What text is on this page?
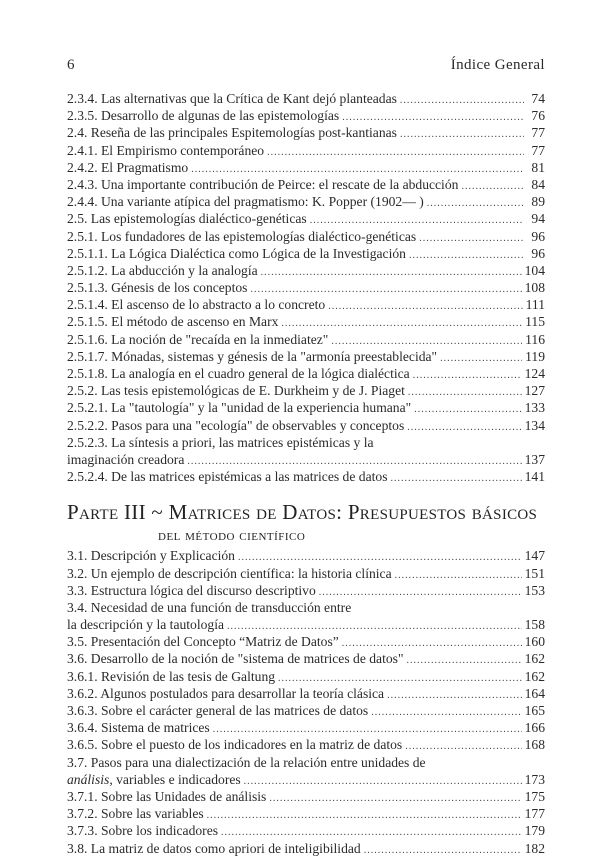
6	Índice General
2.3.4. Las alternativas que la Crítica de Kant dejó planteadas .....	74
2.3.5. Desarrollo de algunas de las epistemologías .....	76
2.4. Reseña de las principales Espitemologías post-kantianas .....	77
2.4.1. El Empirismo contemporáneo .....	77
2.4.2. El Pragmatismo .....	81
2.4.3. Una importante contribución de Peirce: el rescate de la abducción .....	84
2.4.4. Una variante atípica del pragmatismo: K. Popper (1902— ) .....	89
2.5. Las epistemologías dialéctico-genéticas .....	94
2.5.1. Los fundadores de las epistemologías dialéctico-genéticas .....	96
2.5.1.1. La Lógica Dialéctica como Lógica de la Investigación .....	96
2.5.1.2. La abducción y la analogía .....	104
2.5.1.3. Génesis de los conceptos .....	108
2.5.1.4. El ascenso de lo abstracto a lo concreto .....	111
2.5.1.5. El método de ascenso en Marx .....	115
2.5.1.6. La noción de "recaída en la inmediatez" .....	116
2.5.1.7. Mónadas, sistemas y génesis de la "armonía preestablecida" .....	119
2.5.1.8. La analogía en el cuadro general de la lógica dialéctica .....	124
2.5.2. Las tesis epistemológicas de E. Durkheim y de J. Piaget .....	127
2.5.2.1. La "tautología" y la "unidad de la experiencia humana" .....	133
2.5.2.2. Pasos para una "ecología" de observables y conceptos .....	134
2.5.2.3. La síntesis a priori, las matrices epistémicas y la
imaginación creadora .....	137
2.5.2.4. De las matrices epistémicas a las matrices de datos .....	141
Parte III ~ Matrices de Datos: Presupuestos básicos
del método científico
3.1. Descripción y Explicación .....	147
3.2. Un ejemplo de descripción científica: la historia clínica .....	151
3.3. Estructura lógica del discurso descriptivo .....	153
3.4. Necesidad de una función de transducción entre
la descripción y la tautología .....	158
3.5. Presentación del Concepto “Matriz de Datos” .....	160
3.6. Desarrollo de la noción de "sistema de matrices de datos" .....	162
3.6.1. Revisión de las tesis de Galtung .....	162
3.6.2. Algunos postulados para desarrollar la teoría clásica .....	164
3.6.3. Sobre el carácter general de las matrices de datos .....	165
3.6.4. Sistema de matrices .....	166
3.6.5. Sobre el puesto de los indicadores en la matriz de datos .....	168
3.7. Pasos para una dialectización de la relación entre unidades de
análisis, variables e indicadores .....	173
3.7.1. Sobre las Unidades de análisis .....	175
3.7.2. Sobre las variables .....	177
3.7.3. Sobre los indicadores .....	179
3.8. La matriz de datos como apriori de inteligibilidad .....	182
